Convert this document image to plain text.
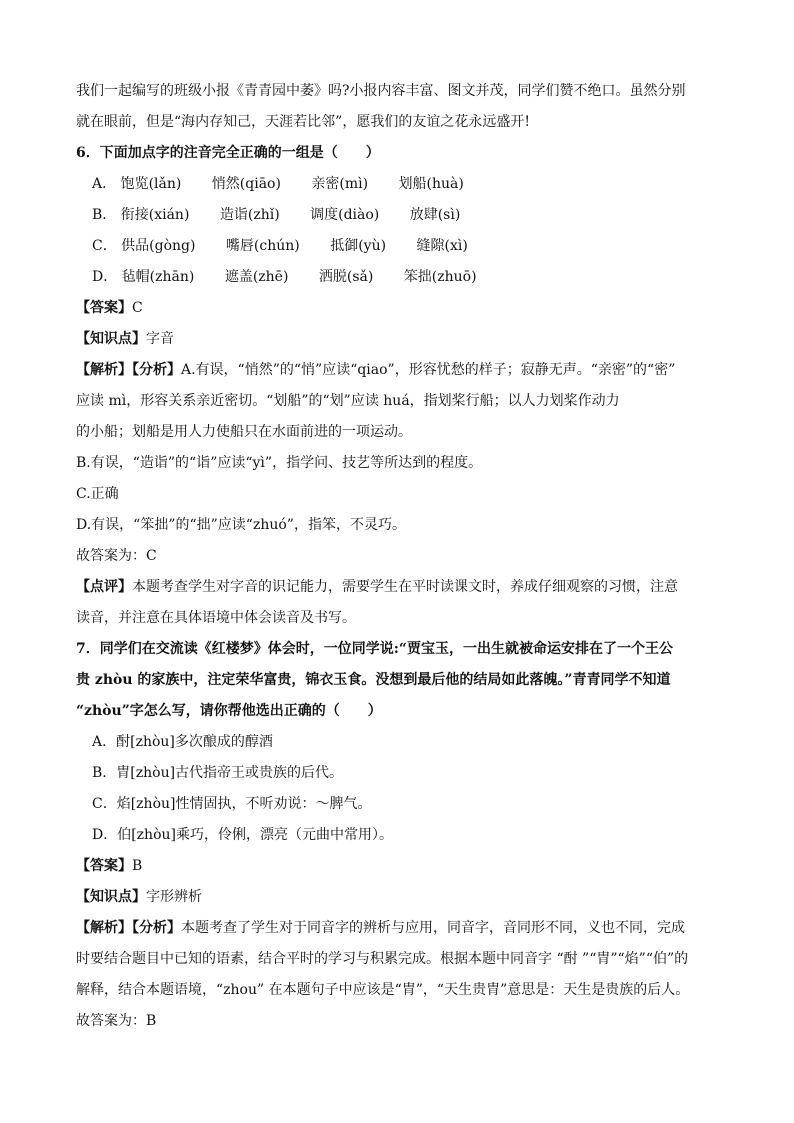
我们一起编写的班级小报《青青园中萎》吗?小报内容丰富、图文并茂，同学们赞不绝口。虽然分别
就在眼前，但是“海内存知己，天涯若比邻”，愿我们的友谊之花永远盛开!
6．下面加点字的注音完全正确的一组是（　　）
A． 饱览(lǎn) 悄然(qiāo) 亲密(mì) 划船(huà)
B． 衔接(xián) 造诣(zhǐ) 调度(diào) 放肆(sì)
C． 供品(gòng) 嘴唇(chún) 抵御(yù) 缝隙(xì)
D． 毡帽(zhān) 遮盖(zhē) 洒脱(sǎ) 笨拙(zhuō)
【答案】C
【知识点】字音
【解析】【分析】A.有误，“悄然”的“悄”应读“qiao”，形容忧愁的样子；寂静无声。“亲密”的“密”
应读 mì，形容关系亲近密切。“划船”的“划”应读 huá，指划桨行船；以人力划桨作动力
的小船；划船是用人力使船只在水面前进的一项运动。
B.有误，“造诣”的“诣”应读“yì”，指学问、技艺等所达到的程度。
C.正确
D.有误，“笨拙”的“拙”应读“zhuó”，指笨，不灵巧。
故答案为：C
【点评】本题考查学生对字音的识记能力，需要学生在平时读课文时，养成仔细观察的习惯，注意
读音，并注意在具体语境中体会读音及书写。
7．同学们在交流读《红楼梦》体会时，一位同学说:“贾宝玉，一出生就被命运安排在了一个王公
贵 zhòu 的家族中，注定荣华富贵，锦衣玉食。没想到最后他的结局如此落魄。”青青同学不知道
“zhòu”字怎么写，请你帮他选出正确的（　　）
A．酎[zhòu]多次酿成的醇酒
B．胄[zhòu]古代指帝王或贵族的后代。
C．焰[zhòu]性情固执，不听劝说：～脾气。
D．伯[zhòu]乘巧，伶俐，漂亮（元曲中常用）。
【答案】B
【知识点】字形辨析
【解析】【分析】本题考查了学生对于同音字的辨析与应用，同音字，音同形不同，义也不同，完成
时要结合题目中已知的语素，结合平时的学习与积累完成。根据本题中同音字 “酎 ”“胄”“焰”“伯”的
解释，结合本题语境，“zhou” 在本题句子中应该是“胄”，“天生贵胄”意思是：天生是贵族的后人。
故答案为：B
